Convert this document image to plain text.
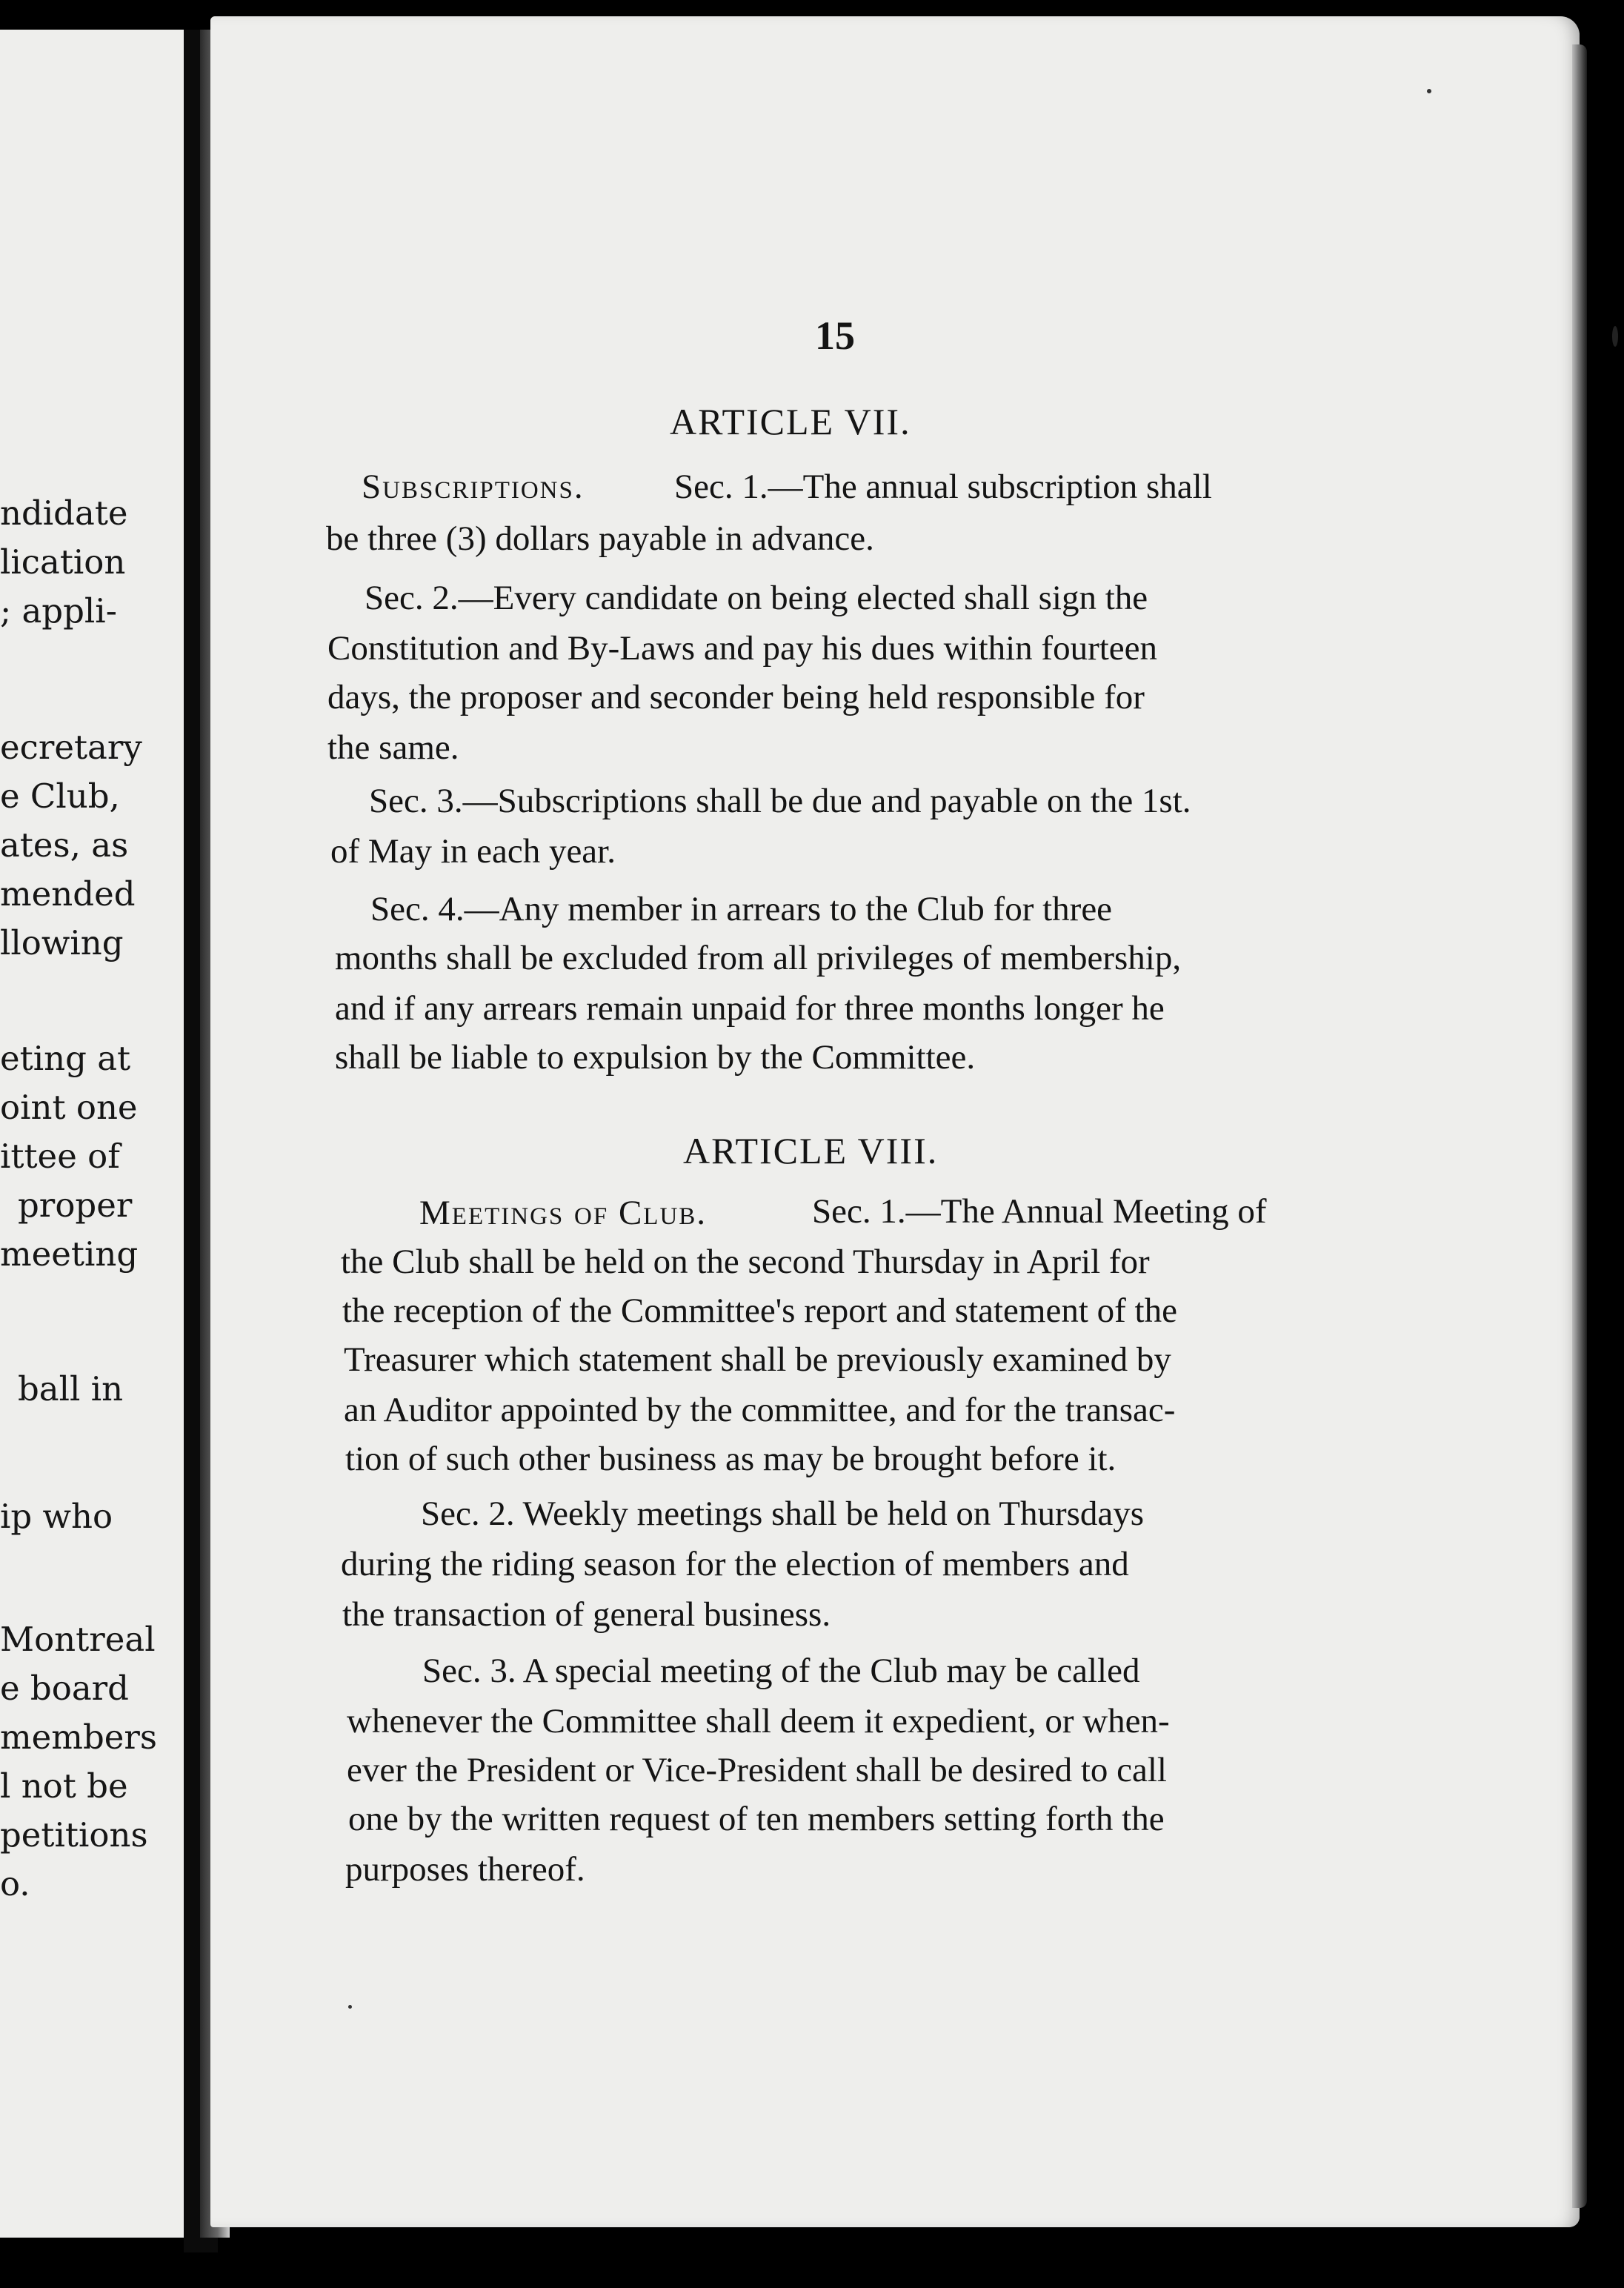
ndidate
lication
; appli-
ecretary
e Club,
ates, as
mended
llowing
eting at
oint one
ittee of
proper
meeting
ball in
ip who
Montreal
e board
members
l not be
petitions
o.
15
ARTICLE VII.
Subscriptions.	Sec. 1.—The annual subscription shall
be three (3) dollars payable in advance.
Sec. 2.—Every candidate on being elected shall sign the
Constitution and By-Laws and pay his dues within fourteen
days, the proposer and seconder being held responsible for
the same.
Sec. 3.—Subscriptions shall be due and payable on the 1st.
of May in each year.
Sec. 4.—Any member in arrears to the Club for three
months shall be excluded from all privileges of membership,
and if any arrears remain unpaid for three months longer he
shall be liable to expulsion by the Committee.
ARTICLE VIII.
Meetings of Club.	Sec. 1.—The Annual Meeting of
the Club shall be held on the second Thursday in April for
the reception of the Committee's report and statement of the
Treasurer which statement shall be previously examined by
an Auditor appointed by the committee, and for the transac-
tion of such other business as may be brought before it.
Sec. 2. Weekly meetings shall be held on Thursdays
during the riding season for the election of members and
the transaction of general business.
Sec. 3. A special meeting of the Club may be called
whenever the Committee shall deem it expedient, or when-
ever the President or Vice-President shall be desired to call
one by the written request of ten members setting forth the
purposes thereof.
